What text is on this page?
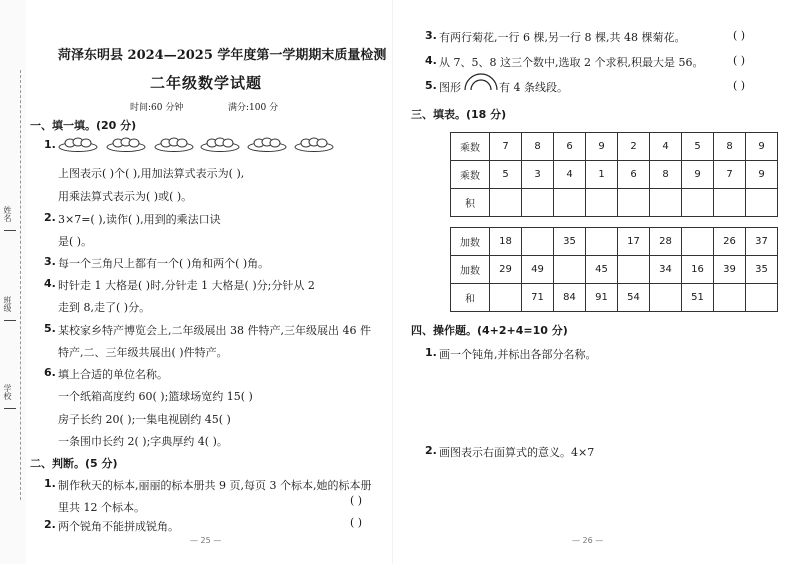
姓名
班级
学校
菏泽东明县 2024—2025 学年度第一学期期末质量检测
二年级数学试题
时间:60 分钟	满分:100 分
一、填一填。(20 分)
1.
上图表示( )个( ),用加法算式表示为( ),
用乘法算式表示为( )或( )。
2. 3×7=( ),读作( ),用到的乘法口诀
是( )。
3. 每一个三角尺上都有一个( )角和两个( )角。
4. 时针走 1 大格是( )时,分针走 1 大格是( )分;分针从 2
走到 8,走了( )分。
5. 某校家乡特产博览会上,二年级展出 38 件特产,三年级展出 46 件
特产,二、三年级共展出( )件特产。
6. 填上合适的单位名称。
一个纸箱高度约 60( );篮球场宽约 15( )
房子长约 20( );一集电视剧约 45( )
一条围巾长约 2( );字典厚约 4( )。
二、判断。(5 分)
1. 制作秋天的标本,丽丽的标本册共 9 页,每页 3 个标本,她的标本册
里共 12 个标本。
( )
2. 两个锐角不能拼成锐角。	( )
— 25 —
3. 有两行菊花,一行 6 棵,另一行 8 棵,共 48 棵菊花。	( )
4. 从 7、5、8 这三个数中,选取 2 个求积,积最大是 56。	( )
5. 图形	有 4 条线段。	( )
三、填表。(18 分)
乘数	7	8	6	9	2	4	5	8	9
乘数	5	3	4	1	6	8	9	7	9
积									
加数	18		35		17	28		26	37
加数	29	49		45		34	16	39	35
和		71	84	91	54		51		
四、操作题。(4+2+4=10 分)
1. 画一个钝角,并标出各部分名称。
2. 画图表示右面算式的意义。4×7
— 26 —
